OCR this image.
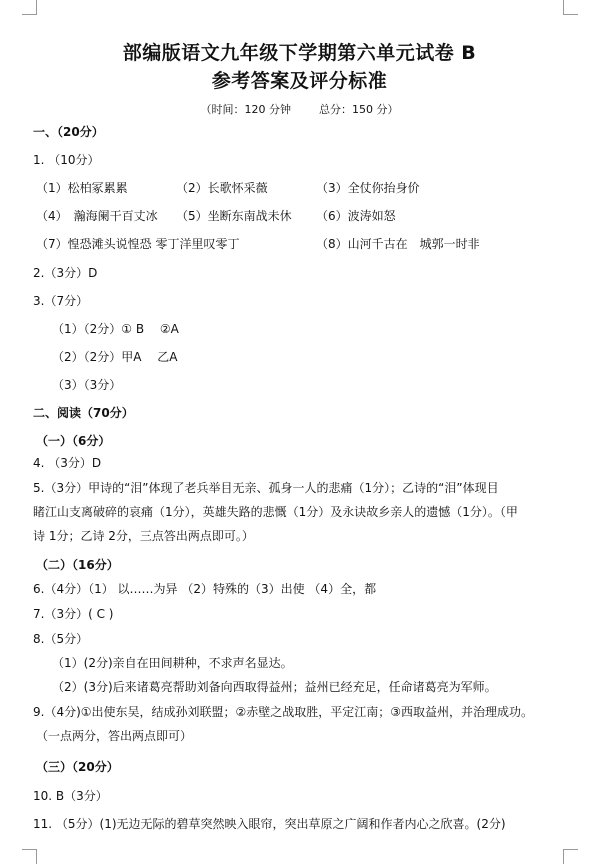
部编版语文九年级下学期第六单元试卷 B
参考答案及评分标准
（时间：120 分钟	总分：150 分）
一、（20分）
1. （10分）
（1）松柏冢累累	（2）长歌怀采薇	（3）全仗你抬身价
（4）　瀚海阑干百丈冰 （5）坐断东南战未休 （6）波涛如怒
（7）惶恐滩头说惶恐 零丁洋里叹零丁	（8）山河千古在　城郭一时非
2.（3分）D
3.（7分）
（1）（2分）① B　 ②A
（2）（2分）甲A　 乙A
（3）（3分）
二、阅读（70分）
（一）（6分）
4. （3分）D
5.（3分）甲诗的“泪”体现了老兵举目无亲、孤身一人的悲痛（1分）；乙诗的“泪”体现目
睹江山支离破碎的哀痛（1分），英雄失路的悲慨（1分）及永诀故乡亲人的遗憾（1分）。（甲
诗 1分；乙诗 2分，三点答出两点即可。）
（二）（16分）
6.（4分）（1） 以……为异 （2）特殊的（3）出使 （4）全，都
7.（3分）( C )
8.（5分）
（1）(2分)亲自在田间耕种，不求声名显达。
（2）(3分)后来诸葛亮帮助刘备向西取得益州；益州已经充足，任命诸葛亮为军师。
9.（4分)①出使东吴，结成孙刘联盟；②赤壁之战取胜，平定江南；③西取益州，并治理成功。
（一点两分，答出两点即可）
（三）（20分）
10. B（3分）
11. （5分）(1)无边无际的碧草突然映入眼帘，突出草原之广阔和作者内心之欣喜。(2分)
